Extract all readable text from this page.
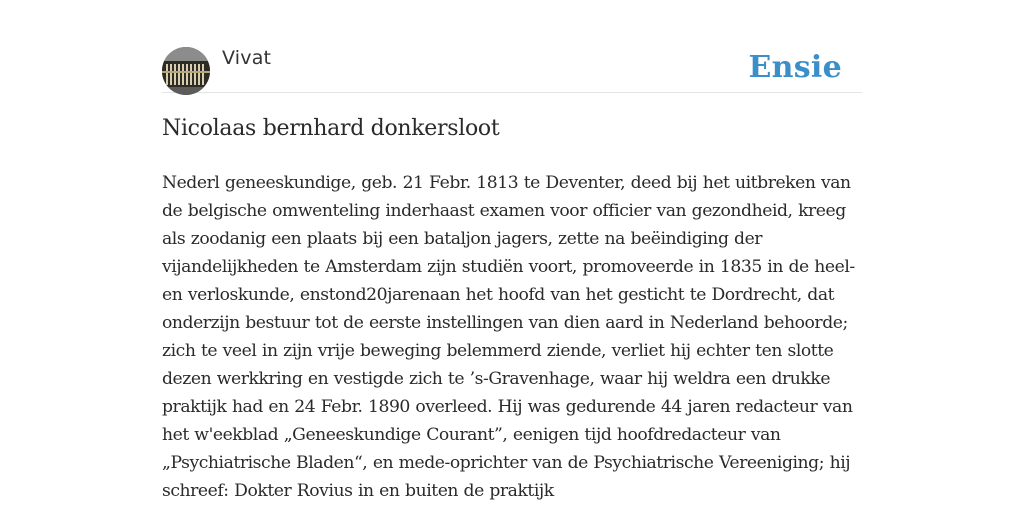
Vivat	Ensie
Nicolaas bernhard donkersloot

Nederl geneeskundige, geb. 21 Febr. 1813 te Deventer, deed bij het uitbreken van de belgische omwenteling inderhaast examen voor officier van gezondheid, kreeg als zoodanig een plaats bij een bataljon jagers, zette na beëindiging der vijandelijkheden te Amsterdam zijn studiën voort, promoveerde in 1835 in de heel- en verloskunde, enstond20jarenaan het hoofd van het gesticht te Dordrecht, dat onderzijn bestuur tot de eerste instellingen van dien aard in Nederland behoorde; zich te veel in zijn vrije beweging belemmerd ziende, verliet hij echter ten slotte dezen werkkring en vestigde zich te ’s-Gravenhage, waar hij weldra een drukke praktijk had en 24 Febr. 1890 overleed. Hij was gedurende 44 jaren redacteur van het w'eekblad „Geneeskundige Courant”, eenigen tijd hoofdredacteur van „Psychiatrische Bladen“, en mede-oprichter van de Psychiatrische Vereeniging; hij schreef: Dokter Rovius in en buiten de praktijk
